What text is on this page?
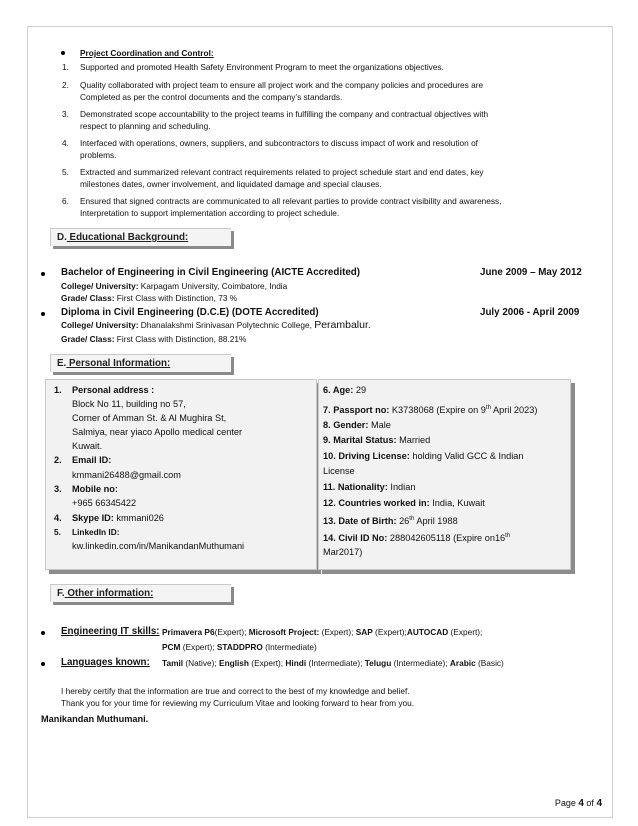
Project Coordination and Control:
1. Supported and promoted Health Safety Environment Program to meet the organizations objectives.
2. Quality collaborated with project team to ensure all project work and the company policies and procedures are
Completed as per the control documents and the company’s standards.
3. Demonstrated scope accountability to the project teams in fulfilling the company and contractual objectives with
respect to planning and scheduling.
4. Interfaced with operations, owners, suppliers, and subcontractors to discuss impact of work and resolution of
problems.
5. Extracted and summarized relevant contract requirements related to project schedule start and end dates, key
milestones dates, owner involvement, and liquidated damage and special clauses.
6. Ensured that signed contracts are communicated to all relevant parties to provide contract visibility and awareness,
Interpretation to support implementation according to project schedule.
D. Educational Background:
Bachelor of Engineering in Civil Engineering (AICTE Accredited)	June 2009 – May 2012
College/ University: Karpagam University, Coimbatore, India
Grade/ Class: First Class with Distinction, 73 %
Diploma in Civil Engineering (D.C.E) (DOTE Accredited)	July 2006 - April 2009
College/ University: Dhanalakshmi Srinivasan Polytechnic College, Perambalur.
Grade/ Class: First Class with Distinction, 88.21%
E. Personal Information:
1. Personal address :
Block No 11, building no 57,
Corner of Amman St. & Al Mughira St,
Salmiya, near yiaco Apollo medical center
Kuwait.
2. Email ID:
kmmani26488@gmail.com
3. Mobile no:
+965 66345422
4. Skype ID: kmmani026
5. LinkedIn ID:
kw.linkedin.com/in/ManikandanMuthumani
6. Age: 29
7. Passport no: K3738068 (Expire on 9th April 2023)
8. Gender: Male
9. Marital Status: Married
10. Driving License: holding Valid GCC & Indian
License
11. Nationality: Indian
12. Countries worked in: India, Kuwait
13. Date of Birth: 26th April 1988
14. Civil ID No: 288042605118 (Expire on16th
Mar2017)
F. Other information:
Engineering IT skills: Primavera P6(Expert); Microsoft Project: (Expert); SAP (Expert);AUTOCAD (Expert);
PCM (Expert); STADDPRO (Intermediate)
Languages known: Tamil (Native); English (Expert); Hindi (Intermediate); Telugu (Intermediate); Arabic (Basic)
I hereby certify that the information are true and correct to the best of my knowledge and belief.
Thank you for your time for reviewing my Curriculum Vitae and looking forward to hear from you.
Manikandan Muthumani.
Page 4 of 4
